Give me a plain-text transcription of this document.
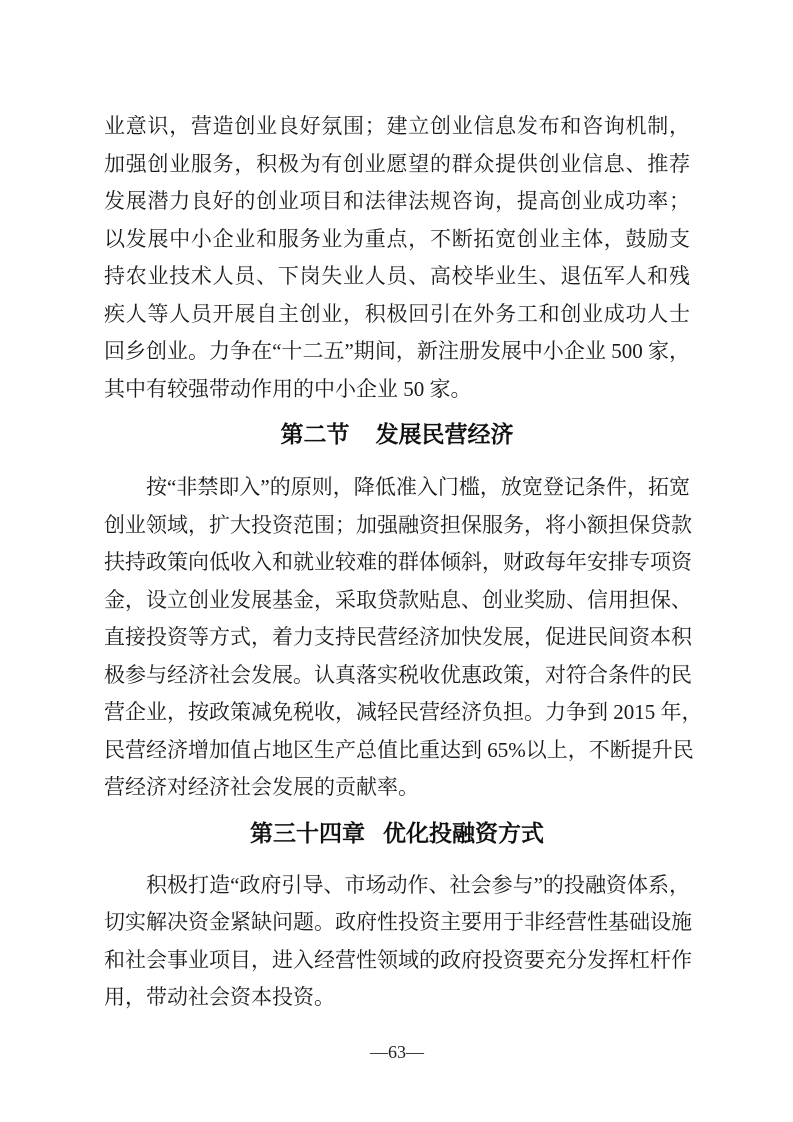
业意识，营造创业良好氛围；建立创业信息发布和咨询机制，
加强创业服务，积极为有创业愿望的群众提供创业信息、推荐
发展潜力良好的创业项目和法律法规咨询，提高创业成功率；
以发展中小企业和服务业为重点，不断拓宽创业主体，鼓励支
持农业技术人员、下岗失业人员、高校毕业生、退伍军人和残
疾人等人员开展自主创业，积极回引在外务工和创业成功人士
回乡创业。力争在“十二五”期间，新注册发展中小企业 500 家，
其中有较强带动作用的中小企业 50 家。
第二节 发展民营经济
　　按“非禁即入”的原则，降低准入门槛，放宽登记条件，拓宽
创业领域，扩大投资范围；加强融资担保服务，将小额担保贷款
扶持政策向低收入和就业较难的群体倾斜，财政每年安排专项资
金，设立创业发展基金，采取贷款贴息、创业奖励、信用担保、
直接投资等方式，着力支持民营经济加快发展，促进民间资本积
极参与经济社会发展。认真落实税收优惠政策，对符合条件的民
营企业，按政策减免税收，减轻民营经济负担。力争到 2015 年，
民营经济增加值占地区生产总值比重达到 65%以上，不断提升民
营经济对经济社会发展的贡献率。
第三十四章 优化投融资方式
　　积极打造“政府引导、市场动作、社会参与”的投融资体系，
切实解决资金紧缺问题。政府性投资主要用于非经营性基础设施
和社会事业项目，进入经营性领域的政府投资要充分发挥杠杆作
用，带动社会资本投资。
—63—
